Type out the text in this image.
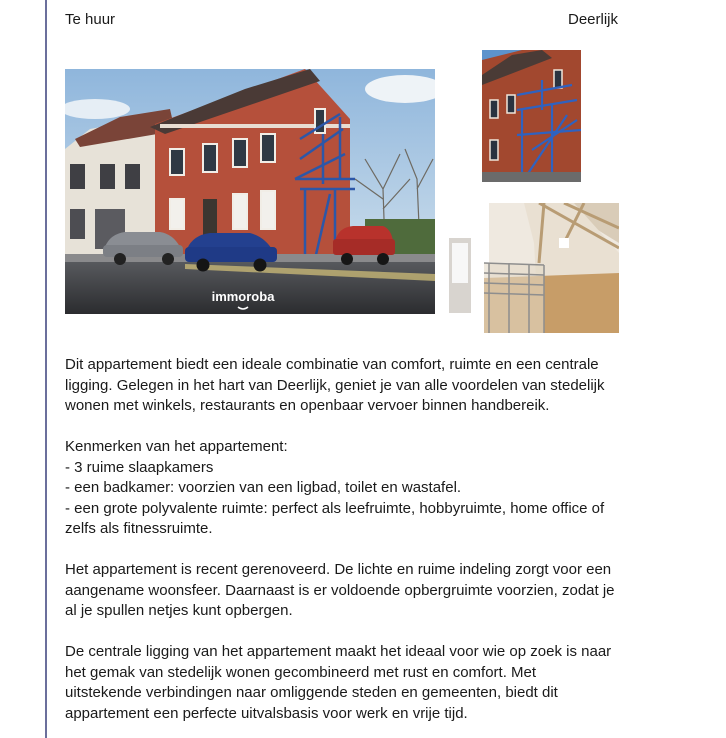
Te huur	Deerlijk
immoroba

Dit appartement biedt een ideale combinatie van comfort, ruimte en een centrale
ligging. Gelegen in het hart van Deerlijk, geniet je van alle voordelen van stedelijk
wonen met winkels, restaurants en openbaar vervoer binnen handbereik.

Kenmerken van het appartement:
- 3 ruime slaapkamers
- een badkamer: voorzien van een ligbad, toilet en wastafel.
- een grote polyvalente ruimte: perfect als leefruimte, hobbyruimte, home office of
zelfs als fitnessruimte.

Het appartement is recent gerenoveerd. De lichte en ruime indeling zorgt voor een
aangename woonsfeer. Daarnaast is er voldoende opbergruimte voorzien, zodat je
al je spullen netjes kunt opbergen.

De centrale ligging van het appartement maakt het ideaal voor wie op zoek is naar
het gemak van stedelijk wonen gecombineerd met rust en comfort. Met
uitstekende verbindingen naar omliggende steden en gemeenten, biedt dit
appartement een perfecte uitvalsbasis voor werk en vrije tijd.
